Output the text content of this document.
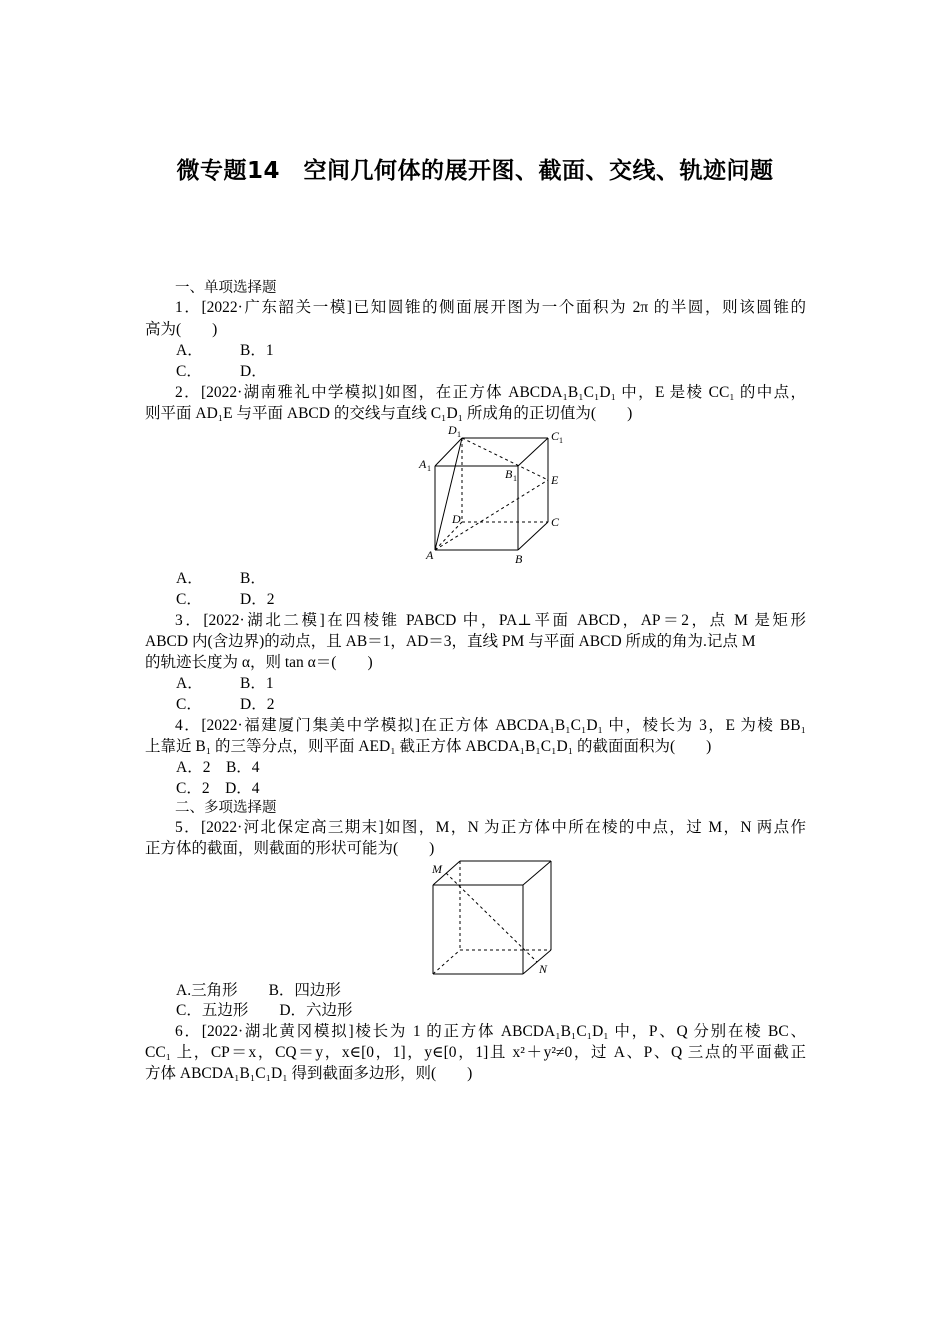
微专题14　空间几何体的展开图、截面、交线、轨迹问题
一、单项选择题
1．[2022·广东韶关一模]已知圆锥的侧面展开图为一个面积为 2π 的半圆，则该圆锥的
高为(　　)
A． B．1
C． D．
2．[2022·湖南雅礼中学模拟]如图，在正方体 ABCDA₁B₁C₁D₁ 中，E 是棱 CC₁ 的中点，
则平面 AD₁E 与平面 ABCD 的交线与直线 C₁D₁ 所成角的正切值为(　　)
D 1	C 1
A 1	B 1	E
D	C
A	B
A． B．
C． D．2
3．[2022·湖北二模]在四棱锥 PABCD 中，PA⊥平面 ABCD，AP＝2，点 M 是矩形
ABCD 内(含边界)的动点，且 AB＝1，AD＝3，直线 PM 与平面 ABCD 所成的角为.记点 M
的轨迹长度为 α，则 tan α＝(　　)
A． B．1
C． D．2
4．[2022·福建厦门集美中学模拟]在正方体 ABCDA₁B₁C₁D₁ 中，棱长为 3，E 为棱 BB₁
上靠近 B₁ 的三等分点，则平面 AED₁ 截正方体 ABCDA₁B₁C₁D₁ 的截面面积为(　　)
A．2　B．4
C．2　D．4
二、多项选择题
5．[2022·河北保定高三期末]如图，M，N 为正方体中所在棱的中点，过 M，N 两点作
正方体的截面，则截面的形状可能为(　　)
M
N
A.三角形　　B．四边形
C．五边形　　D．六边形
6．[2022·湖北黄冈模拟]棱长为 1 的正方体 ABCDA₁B₁C₁D₁ 中，P、Q 分别在棱 BC、
CC₁ 上，CP＝x，CQ＝y，x∈[0，1]，y∈[0，1]且 x²＋y²≠0，过 A、P、Q 三点的平面截正
方体 ABCDA₁B₁C₁D₁ 得到截面多边形，则(　　)
